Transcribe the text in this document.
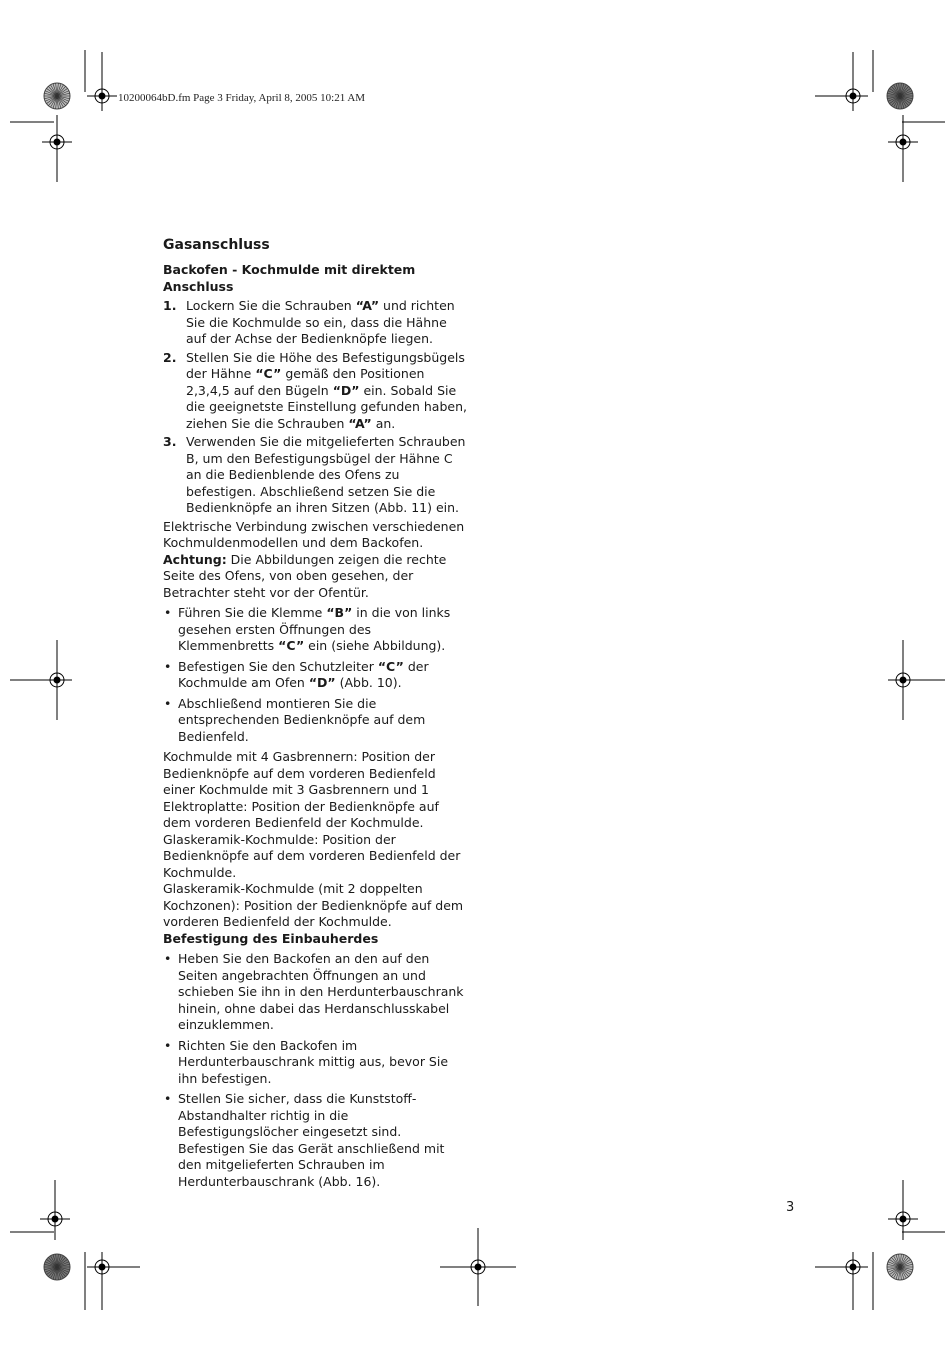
10200064bD.fm Page 3 Friday, April 8, 2005 10:21 AM
Gasanschluss
Backofen - Kochmulde mit direktem Anschluss
1. Lockern Sie die Schrauben “A” und richten Sie die Kochmulde so ein, dass die Hähne auf der Achse der Bedienknöpfe liegen.
2. Stellen Sie die Höhe des Befestigungsbügels der Hähne “C” gemäß den Positionen 2,3,4,5 auf den Bügeln “D” ein. Sobald Sie die geeignetste Einstellung gefunden haben, ziehen Sie die Schrauben “A” an.
3. Verwenden Sie die mitgelieferten Schrauben B, um den Befestigungsbügel der Hähne C an die Bedienblende des Ofens zu befestigen. Abschließend setzen Sie die Bedienknöpfe an ihren Sitzen (Abb. 11) ein.

Elektrische Verbindung zwischen verschiedenen Kochmuldenmodellen und dem Backofen.

Achtung: Die Abbildungen zeigen die rechte Seite des Ofens, von oben gesehen, der Betrachter steht vor der Ofentür.

• Führen Sie die Klemme “B” in die von links gesehen ersten Öffnungen des Klemmenbretts “C” ein (siehe Abbildung).
• Befestigen Sie den Schutzleiter “C” der Kochmulde am Ofen “D” (Abb. 10).
• Abschließend montieren Sie die entsprechenden Bedienknöpfe auf dem Bedienfeld.

Kochmulde mit 4 Gasbrennern: Position der Bedienknöpfe auf dem vorderen Bedienfeld einer Kochmulde mit 3 Gasbrennern und 1 Elektroplatte: Position der Bedienknöpfe auf dem vorderen Bedienfeld der Kochmulde.

Glaskeramik-Kochmulde: Position der Bedienknöpfe auf dem vorderen Bedienfeld der Kochmulde.

Glaskeramik-Kochmulde (mit 2 doppelten Kochzonen): Position der Bedienknöpfe auf dem vorderen Bedienfeld der Kochmulde.

Befestigung des Einbauherdes
• Heben Sie den Backofen an den auf den Seiten angebrachten Öffnungen an und schieben Sie ihn in den Herdunterbauschrank hinein, ohne dabei das Herdanschlusskabel einzuklemmen.
• Richten Sie den Backofen im Herdunterbauschrank mittig aus, bevor Sie ihn befestigen.
• Stellen Sie sicher, dass die Kunststoff-Abstandhalter richtig in die Befestigungslöcher eingesetzt sind. Befestigen Sie das Gerät anschließend mit den mitgelieferten Schrauben im Herdunterbauschrank (Abb. 16).
3
